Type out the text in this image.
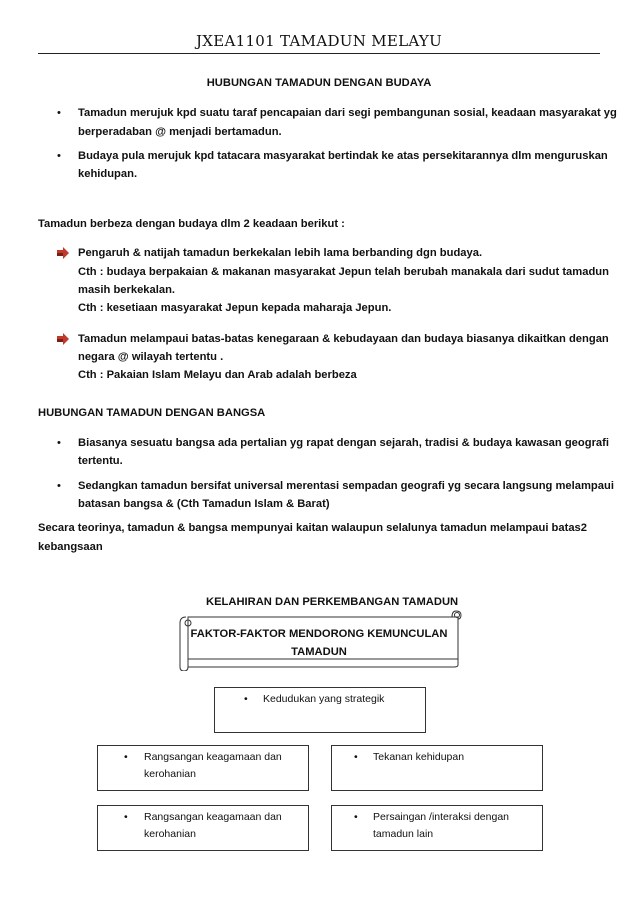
JXEA1101 TAMADUN MELAYU
HUBUNGAN TAMADUN DENGAN BUDAYA
• Tamadun merujuk kpd suatu taraf pencapaian dari segi pembangunan sosial, keadaan masyarakat yg
berperadaban @ menjadi bertamadun.
• Budaya pula merujuk kpd tatacara masyarakat bertindak ke atas persekitarannya dlm menguruskan
kehidupan.
Tamadun berbeza dengan budaya dlm 2 keadaan berikut :
Pengaruh & natijah tamadun berkekalan lebih lama berbanding dgn budaya.
Cth : budaya berpakaian & makanan masyarakat Jepun telah berubah manakala dari sudut tamadun
masih berkekalan.
Cth : kesetiaan masyarakat Jepun kepada maharaja Jepun.
Tamadun melampaui batas-batas kenegaraan & kebudayaan dan budaya biasanya dikaitkan dengan
negara @ wilayah tertentu .
Cth : Pakaian Islam Melayu dan Arab adalah berbeza
HUBUNGAN TAMADUN DENGAN BANGSA
• Biasanya sesuatu bangsa ada pertalian yg rapat dengan sejarah, tradisi & budaya kawasan geografi
tertentu.
• Sedangkan tamadun bersifat universal merentasi sempadan geografi yg secara langsung melampaui
batasan bangsa & (Cth Tamadun Islam & Barat)
Secara teorinya, tamadun & bangsa mempunyai kaitan walaupun selalunya tamadun melampaui batas2
kebangsaan
KELAHIRAN DAN PERKEMBANGAN TAMADUN
FAKTOR-FAKTOR MENDORONG KEMUNCULAN
TAMADUN
• Kedudukan yang strategik
• Rangsangan keagamaan dan
kerohanian
• Tekanan kehidupan
• Rangsangan keagamaan dan
kerohanian
• Persaingan /interaksi dengan
tamadun lain
